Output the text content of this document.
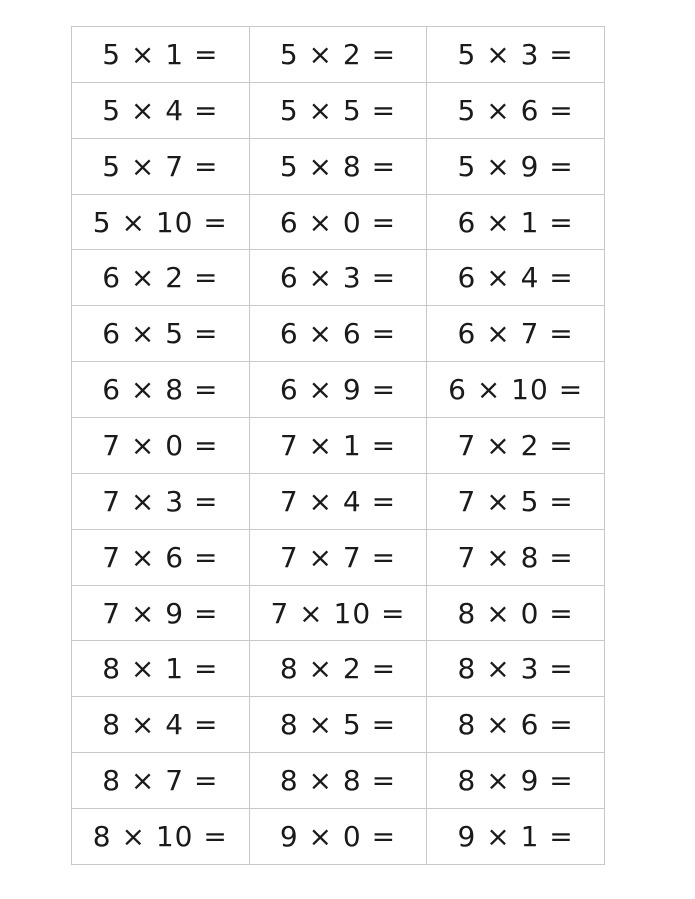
5 × 1 =	5 × 2 =	5 × 3 =
5 × 4 =	5 × 5 =	5 × 6 =
5 × 7 =	5 × 8 =	5 × 9 =
5 × 10 =	6 × 0 =	6 × 1 =
6 × 2 =	6 × 3 =	6 × 4 =
6 × 5 =	6 × 6 =	6 × 7 =
6 × 8 =	6 × 9 =	6 × 10 =
7 × 0 =	7 × 1 =	7 × 2 =
7 × 3 =	7 × 4 =	7 × 5 =
7 × 6 =	7 × 7 =	7 × 8 =
7 × 9 =	7 × 10 =	8 × 0 =
8 × 1 =	8 × 2 =	8 × 3 =
8 × 4 =	8 × 5 =	8 × 6 =
8 × 7 =	8 × 8 =	8 × 9 =
8 × 10 =	9 × 0 =	9 × 1 =
